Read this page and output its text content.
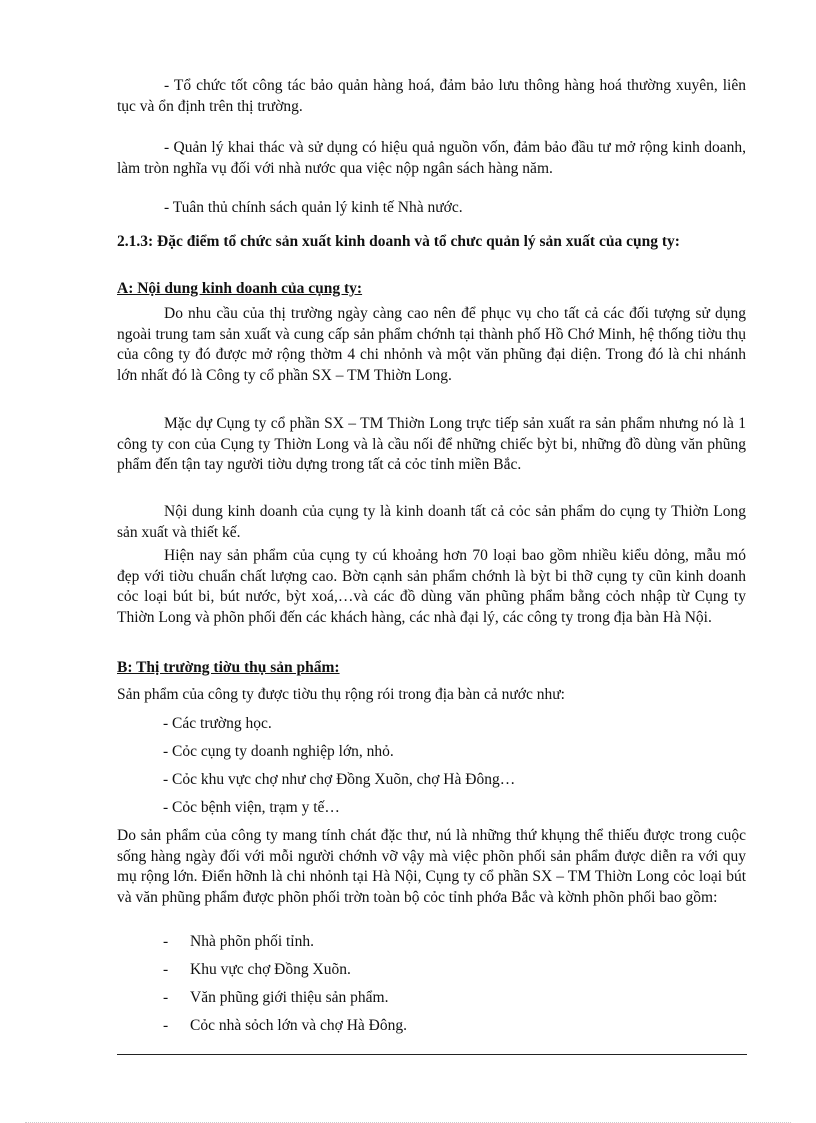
- Tổ chức tốt công tác bảo quản hàng hoá, đảm bảo lưu thông hàng hoá thường xuyên, liên tục và ổn định trên thị trường.

- Quản lý khai thác và sử dụng có hiệu quả nguồn vốn, đảm bảo đầu tư mở rộng kinh doanh, làm tròn nghĩa vụ đối với nhà nước qua việc nộp ngân sách hàng năm.

- Tuân thủ chính sách quản lý kinh tế Nhà nước.

2.1.3: Đặc điểm tổ chức sản xuất kinh doanh và tổ chưc quản lý sản xuất của cụng ty:

A: Nội dung kinh doanh của cụng ty:

Do nhu cầu của thị trường ngày càng cao nên để phục vụ cho tất cả các đối tượng sử dụng ngoài trung tam sản xuất và cung cấp sản phẩm chớnh tại thành phố Hồ Chớ Minh, hệ thống tiờu thụ của công ty đó được mở rộng thờm 4 chi nhỏnh và một văn phũng đại diện. Trong đó là chi nhánh lớn nhất đó là Công ty cổ phần SX – TM Thiờn Long.

Mặc dự Cụng ty cổ phần SX – TM Thiờn Long trực tiếp sản xuất ra sản phẩm nhưng nó là 1 công ty con của Cụng ty Thiờn Long và là cầu nối để những chiếc bỳt bi, những đồ dùng văn phũng phẩm đến tận tay người tiờu dựng trong tất cả cỏc tỉnh miền Bắc.

Nội dung kinh doanh của cụng ty là kinh doanh tất cả cỏc sản phẩm do cụng ty Thiờn Long sản xuất và thiết kế.

Hiện nay sản phẩm của cụng ty cú khoảng hơn 70 loại bao gồm nhiều kiểu dỏng, mẫu mó đẹp với tiờu chuẩn chất lượng cao. Bờn cạnh sản phẩm chớnh là bỳt bi thỡ cụng ty cũn kinh doanh cỏc loại bút bi, bút nước, bỳt xoá,…và các đồ dùng văn phũng phẩm bằng cỏch nhập từ Cụng ty Thiờn Long và phõn phối đến các khách hàng, các nhà đại lý, các công ty trong địa bàn Hà Nội.

B: Thị trường tiờu thụ sản phẩm:

Sản phẩm của công ty được tiờu thụ rộng rói trong địa bàn cả nước như:

- Các trường học.

- Cỏc cụng ty doanh nghiệp lớn, nhỏ.

- Cỏc khu vực chợ như chợ Đồng Xuõn, chợ Hà Đông…

- Cỏc bệnh viện, trạm y tế…

Do sản phẩm của công ty mang tính chát đặc thư, nú là những thứ khụng thể thiếu được trong cuộc sống hàng ngày đối với mỗi người chớnh vỡ vậy mà việc phõn phối sản phẩm được diễn ra với quy mụ rộng lớn. Điển hỡnh là chi nhỏnh tại Hà Nội, Cụng ty cổ phần SX – TM Thiờn Long cỏc loại bút và văn phũng phẩm được phõn phối trờn toàn bộ cỏc tỉnh phớa Bắc và kờnh phõn phối bao gồm:

- Nhà phõn phối tỉnh.

- Khu vực chợ Đồng Xuõn.

- Văn phũng giới thiệu sản phẩm.

- Cỏc nhà sỏch lớn và chợ Hà Đông.
